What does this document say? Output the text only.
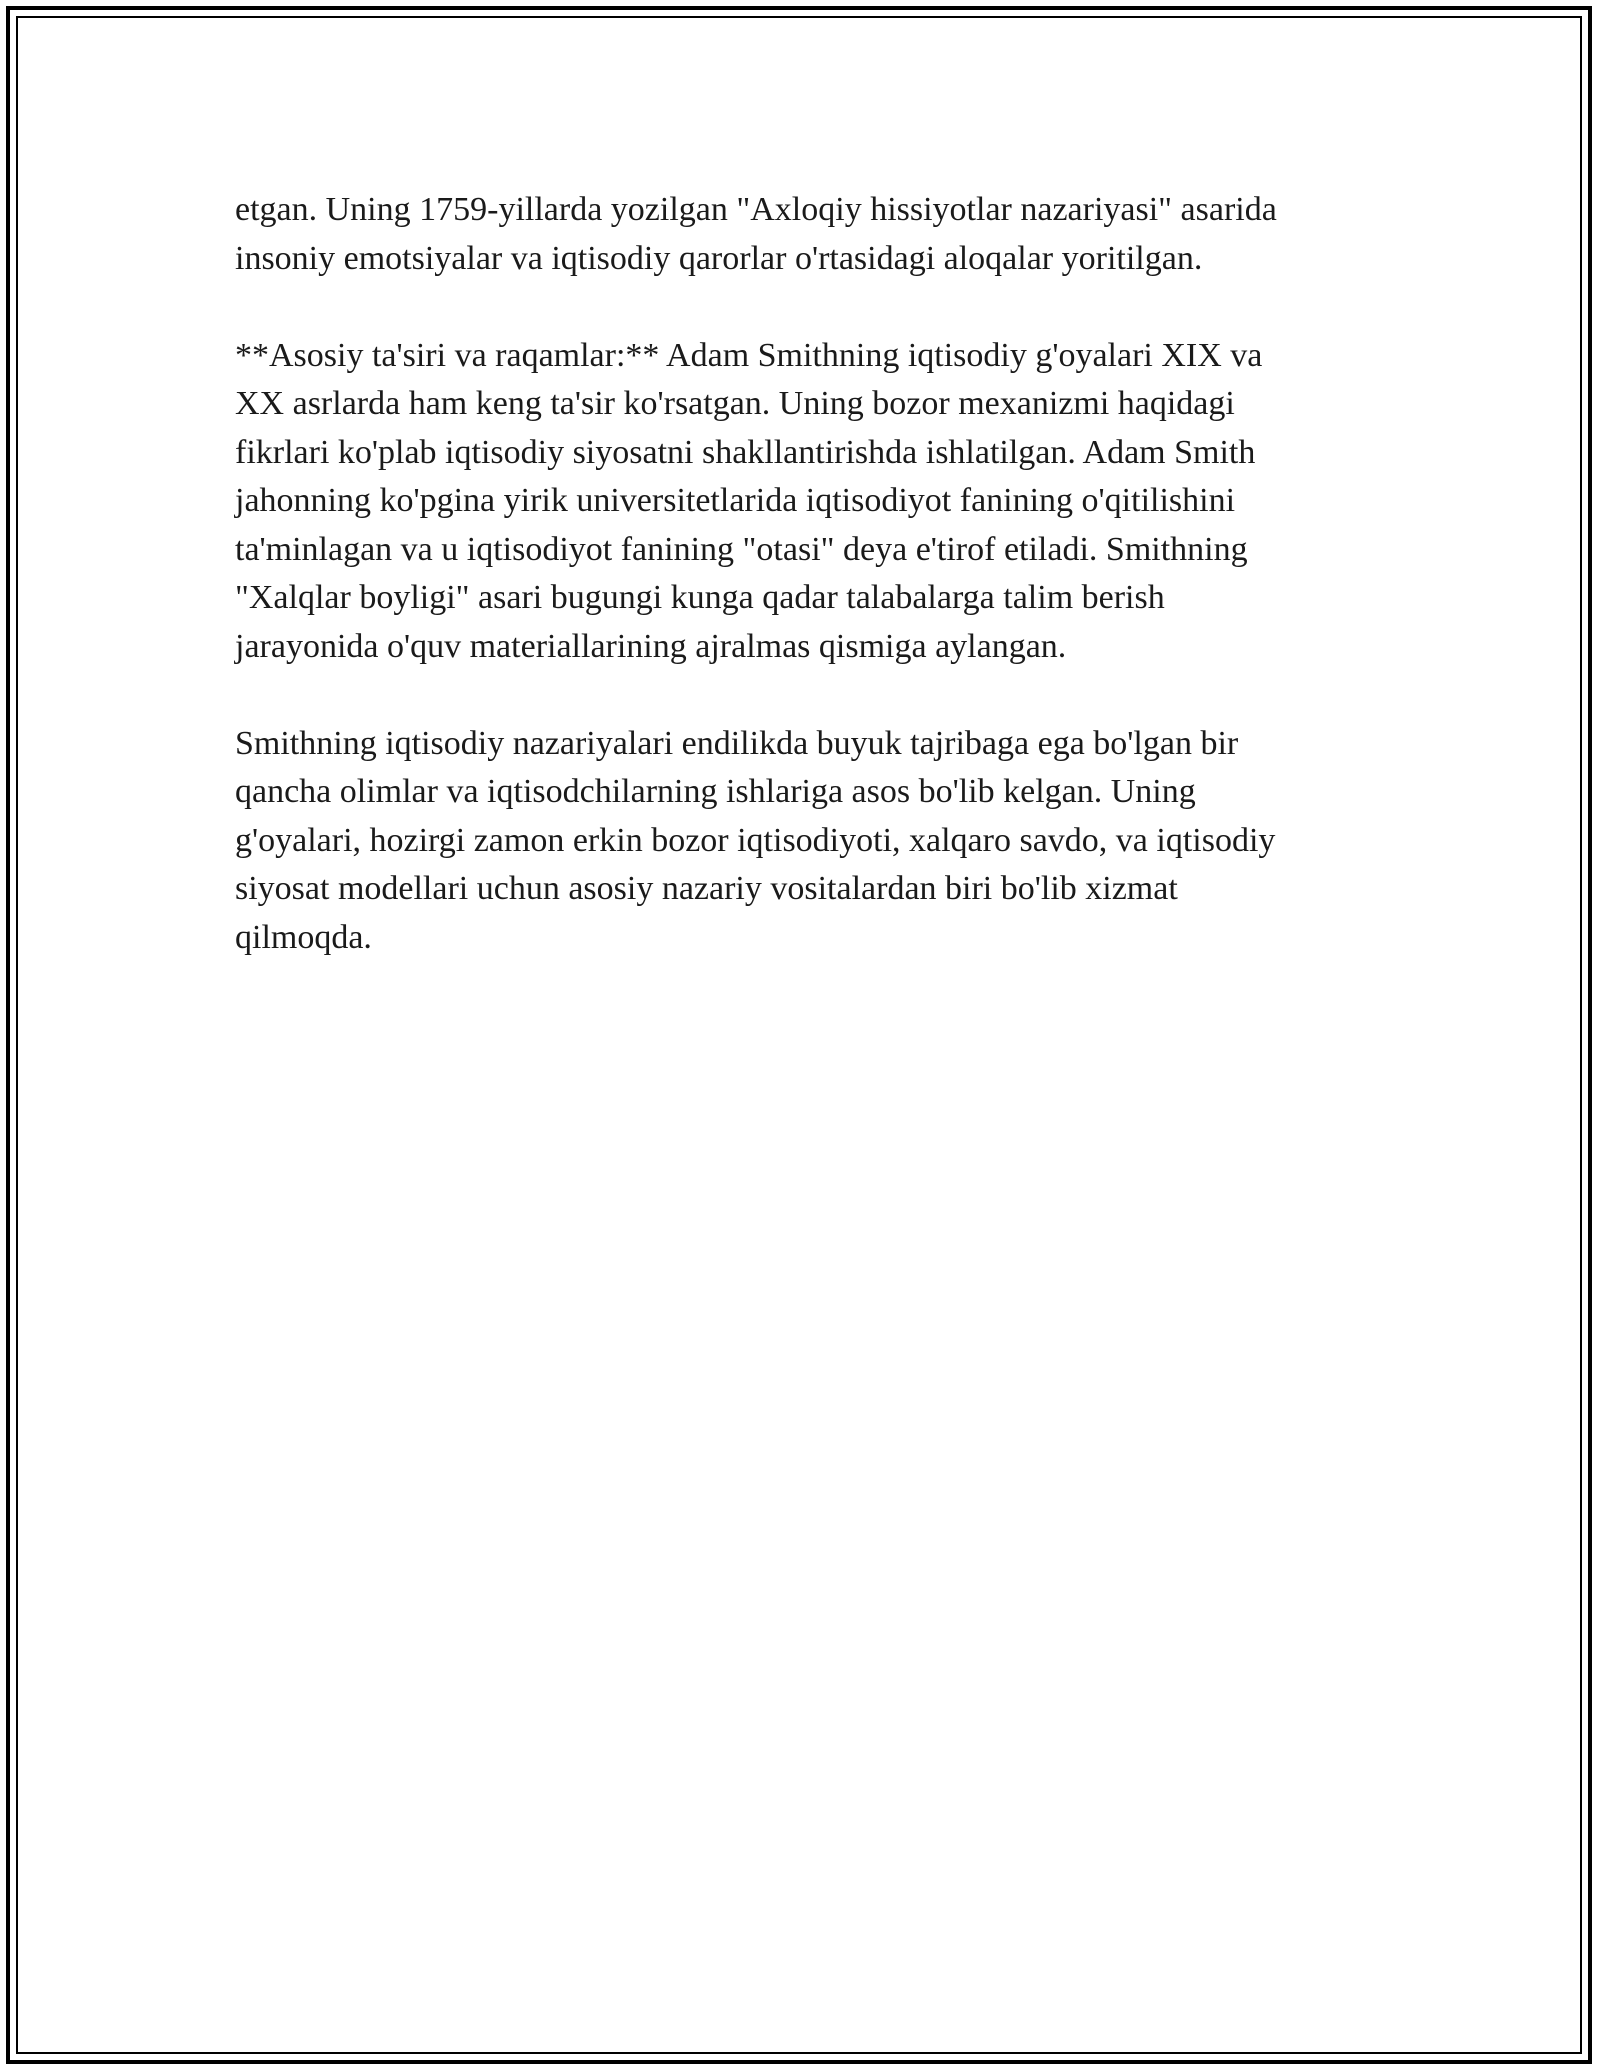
etgan. Uning 1759-yillarda yozilgan "Axloqiy hissiyotlar nazariyasi" asarida
insoniy emotsiyalar va iqtisodiy qarorlar o'rtasidagi aloqalar yoritilgan.

**Asosiy ta'siri va raqamlar:** Adam Smithning iqtisodiy g'oyalari XIX va
XX asrlarda ham keng ta'sir ko'rsatgan. Uning bozor mexanizmi haqidagi
fikrlari ko'plab iqtisodiy siyosatni shakllantirishda ishlatilgan. Adam Smith
jahonning ko'pgina yirik universitetlarida iqtisodiyot fanining o'qitilishini
ta'minlagan va u iqtisodiyot fanining "otasi" deya e'tirof etiladi. Smithning
"Xalqlar boyligi" asari bugungi kunga qadar talabalarga talim berish
jarayonida o'quv materiallarining ajralmas qismiga aylangan.

Smithning iqtisodiy nazariyalari endilikda buyuk tajribaga ega bo'lgan bir
qancha olimlar va iqtisodchilarning ishlariga asos bo'lib kelgan. Uning
g'oyalari, hozirgi zamon erkin bozor iqtisodiyoti, xalqaro savdo, va iqtisodiy
siyosat modellari uchun asosiy nazariy vositalardan biri bo'lib xizmat
qilmoqda.
